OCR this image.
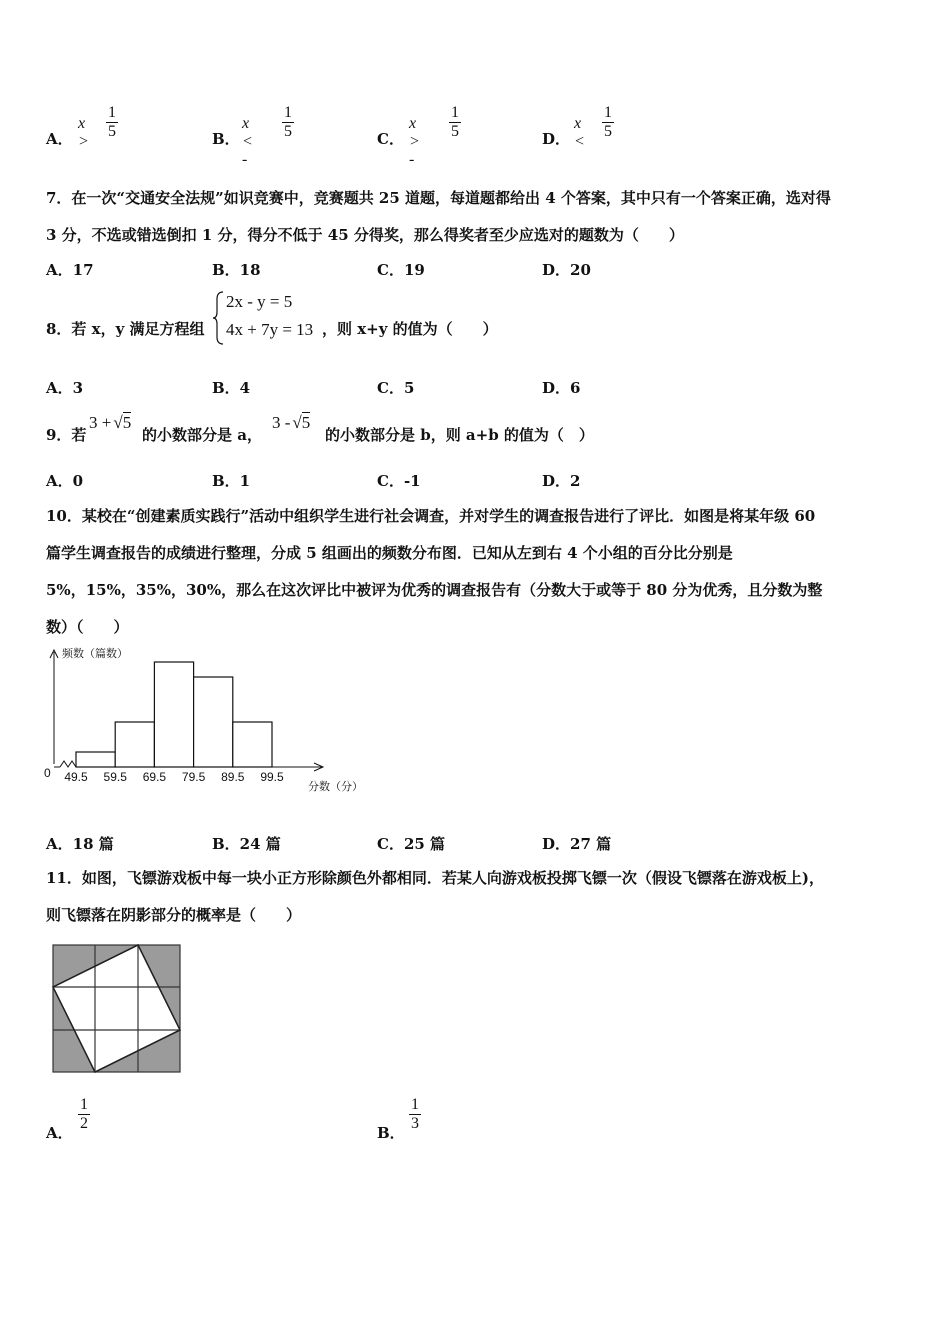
A．
x >
1
5	B．
x < -
1
5	C．
x > -
1
5	D．
x <
1
5
7．在一次“交通安全法规”如识竞赛中，竞赛题共 25 道题，每道题都给出 4 个答案，其中只有一个答案正确，选对得
3 分，不选或错选倒扣 1 分，得分不低于 45 分得奖，那么得奖者至少应选对的题数为（　　）
A．17	B．18	C．19	D．20
8．若 x，y 满足方程组
2x - y = 5
4x + 7y = 13 ，则 x+y 的值为（　　）
A．3	B．4	C．5	D．6
9．若
3 + √5
的小数部分是 a，
3 - √5
的小数部分是 b，则 a+b 的值为（　）
A．0	B．1	C．-1	D．2
10．某校在“创建素质实践行”活动中组织学生进行社会调查，并对学生的调查报告进行了评比．如图是将某年级 60
篇学生调查报告的成绩进行整理，分成 5 组画出的频数分布图．已知从左到右 4 个小组的百分比分别是
5%，15%，35%，30%，那么在这次评比中被评为优秀的调查报告有（分数大于或等于 80 分为优秀，且分数为整
数）（　　）
频数（篇数）
0
分数（分）
49.5 59.5 69.5 79.5 89.5 99.5
A．18 篇	B．24 篇	C．25 篇	D．27 篇
11．如图，飞镖游戏板中每一块小正方形除颜色外都相同．若某人向游戏板投掷飞镖一次（假设飞镖落在游戏板上)，
则飞镖落在阴影部分的概率是（　　）
A．
1
2
B．
1
3
